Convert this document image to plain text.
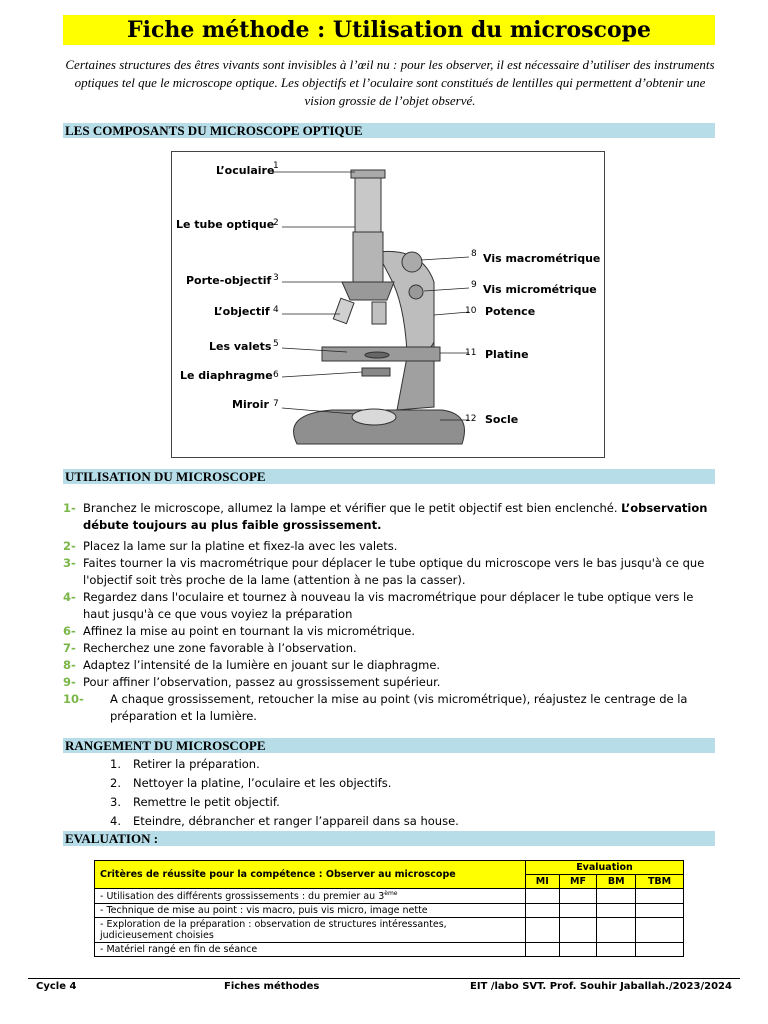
Fiche méthode : Utilisation du microscope
Certaines structures des êtres vivants sont invisibles à l’œil nu : pour les observer, il est nécessaire d’utiliser des instruments optiques tel que le microscope optique. Les objectifs et l’oculaire sont constitués de lentilles qui permettent d’obtenir une vision grossie de l’objet observé.
LES COMPOSANTS DU MICROSCOPE OPTIQUE
L’oculaire
1
Le tube optique
2
Porte-objectif 3
L’objectif 4
Les valets 5
Le diaphragme 6
Miroir 7
8 Vis macrométrique
9 Vis micrométrique
10 Potence
11 Platine
12 Socle
UTILISATION DU MICROSCOPE
1- Branchez le microscope, allumez la lampe et vérifier que le petit objectif est bien enclenché. L’observation débute toujours au plus faible grossissement.
2- Placez la lame sur la platine et fixez-la avec les valets.
3- Faites tourner la vis macrométrique pour déplacer le tube optique du microscope vers le bas jusqu'à ce que l'objectif soit très proche de la lame (attention à ne pas la casser).
4- Regardez dans l'oculaire et tournez à nouveau la vis macrométrique pour déplacer le tube optique vers le haut jusqu'à ce que vous voyiez la préparation
6- Affinez la mise au point en tournant la vis micrométrique.
7- Recherchez une zone favorable à l’observation.
8- Adaptez l’intensité de la lumière en jouant sur le diaphragme.
9- Pour affiner l’observation, passez au grossissement supérieur.
10- A chaque grossissement, retoucher la mise au point (vis micrométrique), réajustez le centrage de la préparation et la lumière.
RANGEMENT DU MICROSCOPE
1. Retirer la préparation.
2. Nettoyer la platine, l’oculaire et les objectifs.
3. Remettre le petit objectif.
4. Eteindre, débrancher et ranger l’appareil dans sa house.
EVALUATION :
Critères de réussite pour la compétence : Observer au microscope	Evaluation			
	MI	MF	BM	TBM
- Utilisation des différents grossissements : du premier au 3ème				
- Technique de mise au point : vis macro, puis vis micro, image nette				
- Exploration de la préparation : observation de structures intéressantes, judicieusement choisies				
- Matériel rangé en fin de séance				
Cycle 4	Fiches méthodes	EIT /labo SVT. Prof. Souhir Jaballah./2023/2024
